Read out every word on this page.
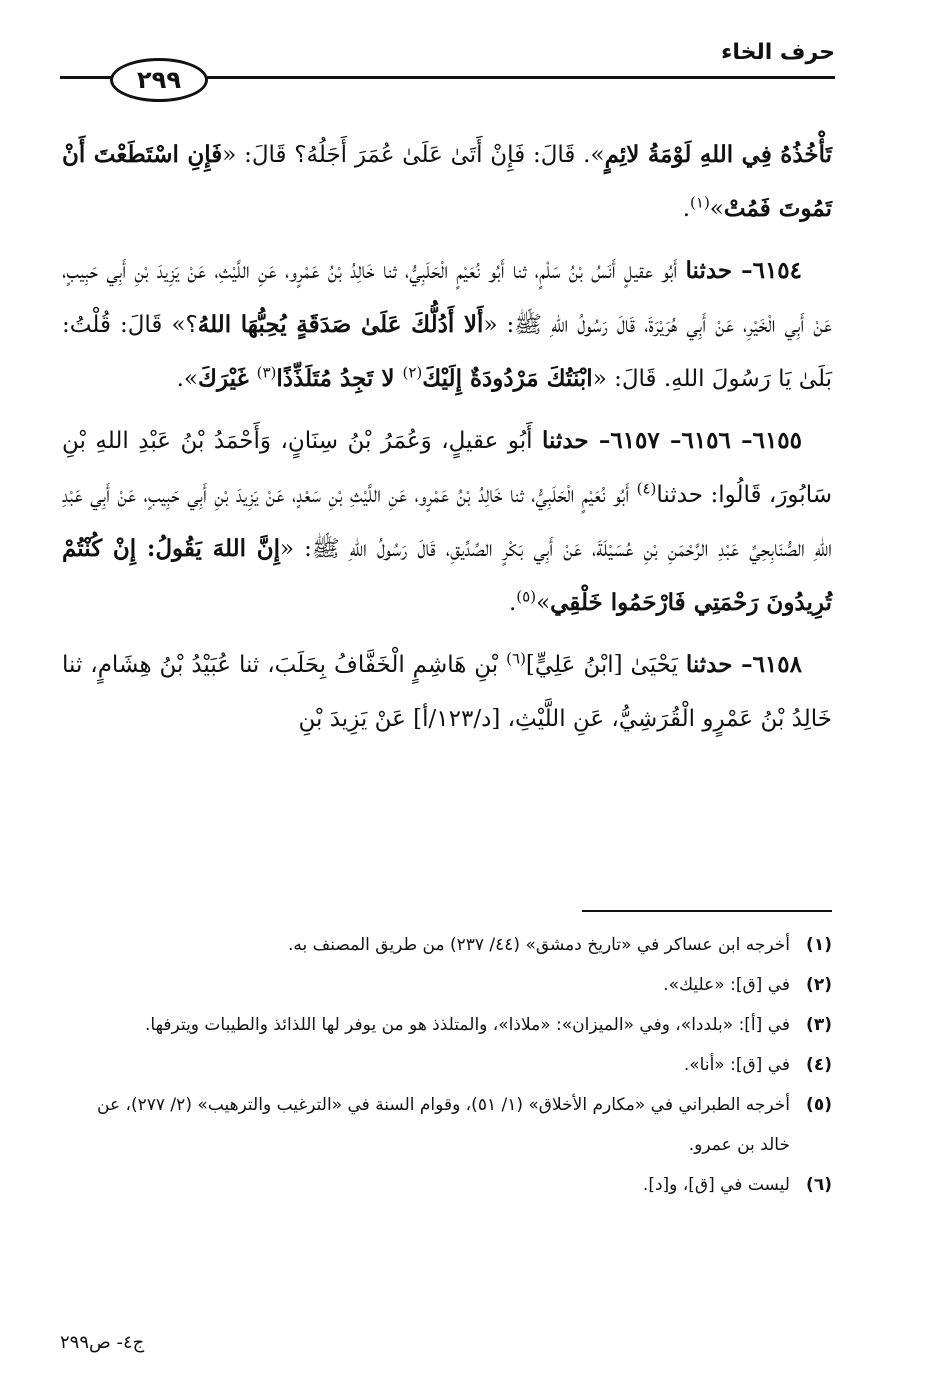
حرف الخاء
٢٩٩

تَأْخُذُهُ فِي اللهِ لَوْمَةُ لائِمٍ». قَالَ: فَإِنْ أَتَىٰ عَلَىٰ عُمَرَ أَجَلُهُ؟ قَالَ: «فَإِنِ اسْتَطَعْتَ أَنْ تَمُوتَ فَمُتْ»$^{(١)}$.

٦١٥٤– حدثنا أَبُو عقيلٍ أَنَسُ بْنُ سَلْمٍ، ثنا أَبُو نُعَيْمٍ الْحَلَبِيُّ، ثنا خَالِدُ بْنُ عَمْرٍو، عَنِ اللَّيْثِ، عَنْ يَزِيدَ بْنِ أَبِي حَبِيبٍ، عَنْ أَبِي الْخَيْرِ، عَنْ أَبِي هُرَيْرَةَ، قَالَ رَسُولُ اللهِ ﷺ: «أَلا أَدُلُّكَ عَلَىٰ صَدَقَةٍ يُحِبُّهَا اللهُ؟» قَالَ: قُلْتُ: بَلَىٰ يَا رَسُولَ اللهِ. قَالَ: «ابْنَتُكَ مَرْدُودَةٌ إِلَيْكَ$^{(٢)}$ لا تَجِدُ مُتَلَذِّذًا$^{(٣)}$ غَيْرَكَ».

٦١٥٥– ٦١٥٦– ٦١٥٧– حدثنا أَبُو عقيلٍ، وَعُمَرُ بْنُ سِنَانٍ، وَأَحْمَدُ بْنُ عَبْدِ اللهِ بْنِ سَابُورَ، قَالُوا: حدثنا$^{(٤)}$ أَبُو نُعَيْمٍ الْحَلَبِيُّ، ثنا خَالِدُ بْنُ عَمْرٍو، عَنِ اللَّيْثِ بْنِ سَعْدٍ، عَنْ يَزِيدَ بْنِ أَبِي حَبِيبٍ، عَنْ أَبِي عَبْدِ اللهِ الصُّنَابِحِيِّ عَبْدِ الرَّحْمَنِ بْنِ عُسَيْلَةَ، عَنْ أَبِي بَكْرٍ الصِّدِّيقِ، قَالَ رَسُولُ اللهِ ﷺ: «إِنَّ اللهَ يَقُولُ: إِنْ كُنْتُمْ تُرِيدُونَ رَحْمَتِي فَارْحَمُوا خَلْقِي»$^{(٥)}$.

٦١٥٨– حدثنا يَحْيَىٰ [ابْنُ عَلِيٍّ]$^{(٦)}$ بْنِ هَاشِمٍ الْخَفَّافُ بِحَلَبَ، ثنا عُبَيْدُ بْنُ هِشَامٍ، ثنا خَالِدُ بْنُ عَمْرٍو الْقُرَشِيُّ، عَنِ اللَّيْثِ، [د/١٢٣/أ] عَنْ يَزِيدَ بْنِ

(١)
أخرجه ابن عساكر في «تاريخ دمشق» (٤٤/ ٢٣٧) من طريق المصنف به.
(٢)
في [ق]: «عليك».
(٣)
في [أ]: «بلددا»، وفي «الميزان»: «ملاذا»، والمتلذذ هو من يوفر لها اللذائذ والطيبات ويترفها.
(٤)
في [ق]: «أنا».
(٥)
أخرجه الطبراني في «مكارم الأخلاق» (١/ ٥١)، وقوام السنة في «الترغيب والترهيب» (٢/ ٢٧٧)، عن خالد بن عمرو.
(٦)
ليست في [ق]، و[د].
ج٤- ص٢٩٩
